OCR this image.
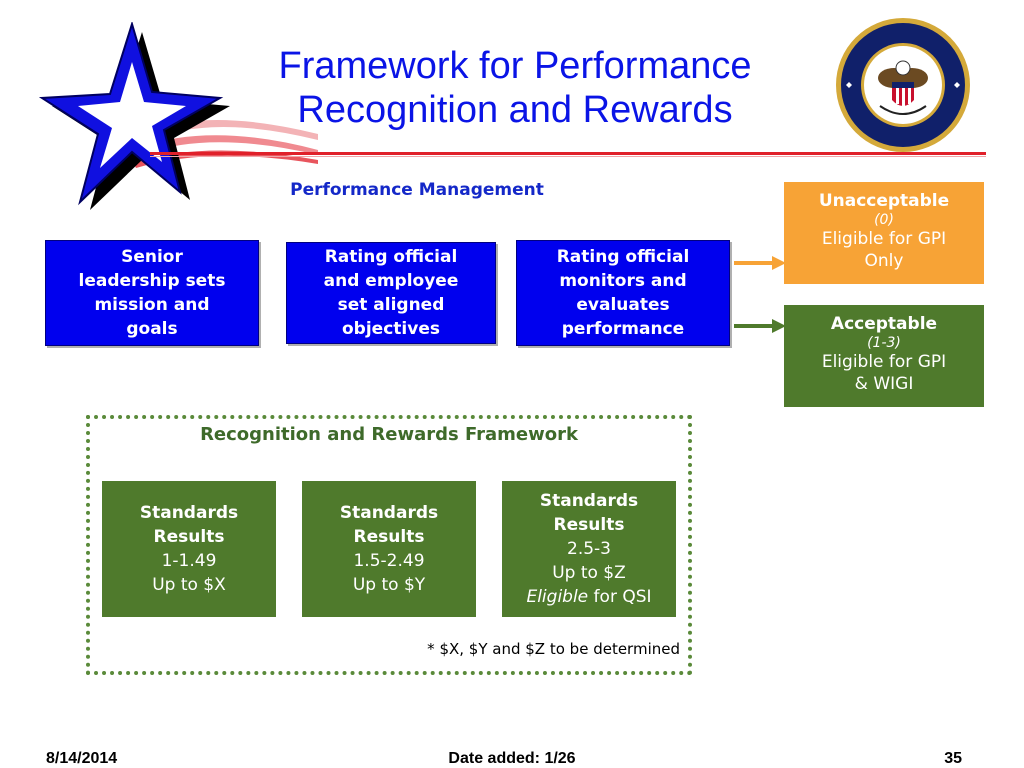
Framework for Performance
Recognition and Rewards
Performance Management
Senior
leadership sets
mission and
goals
Rating official
and employee
set aligned
objectives
Rating official
monitors and
evaluates
performance
Unacceptable
(0)
Eligible for GPI
Only
Acceptable
(1-3)
Eligible for GPI
& WIGI
Recognition and Rewards Framework
Standards
Results
1-1.49
Up to $X
Standards
Results
1.5-2.49
Up to $Y
Standards
Results
2.5-3
Up to $Z
Eligible for QSI
* $X, $Y and $Z to be determined
8/14/2014	Date added: 1/26	35
